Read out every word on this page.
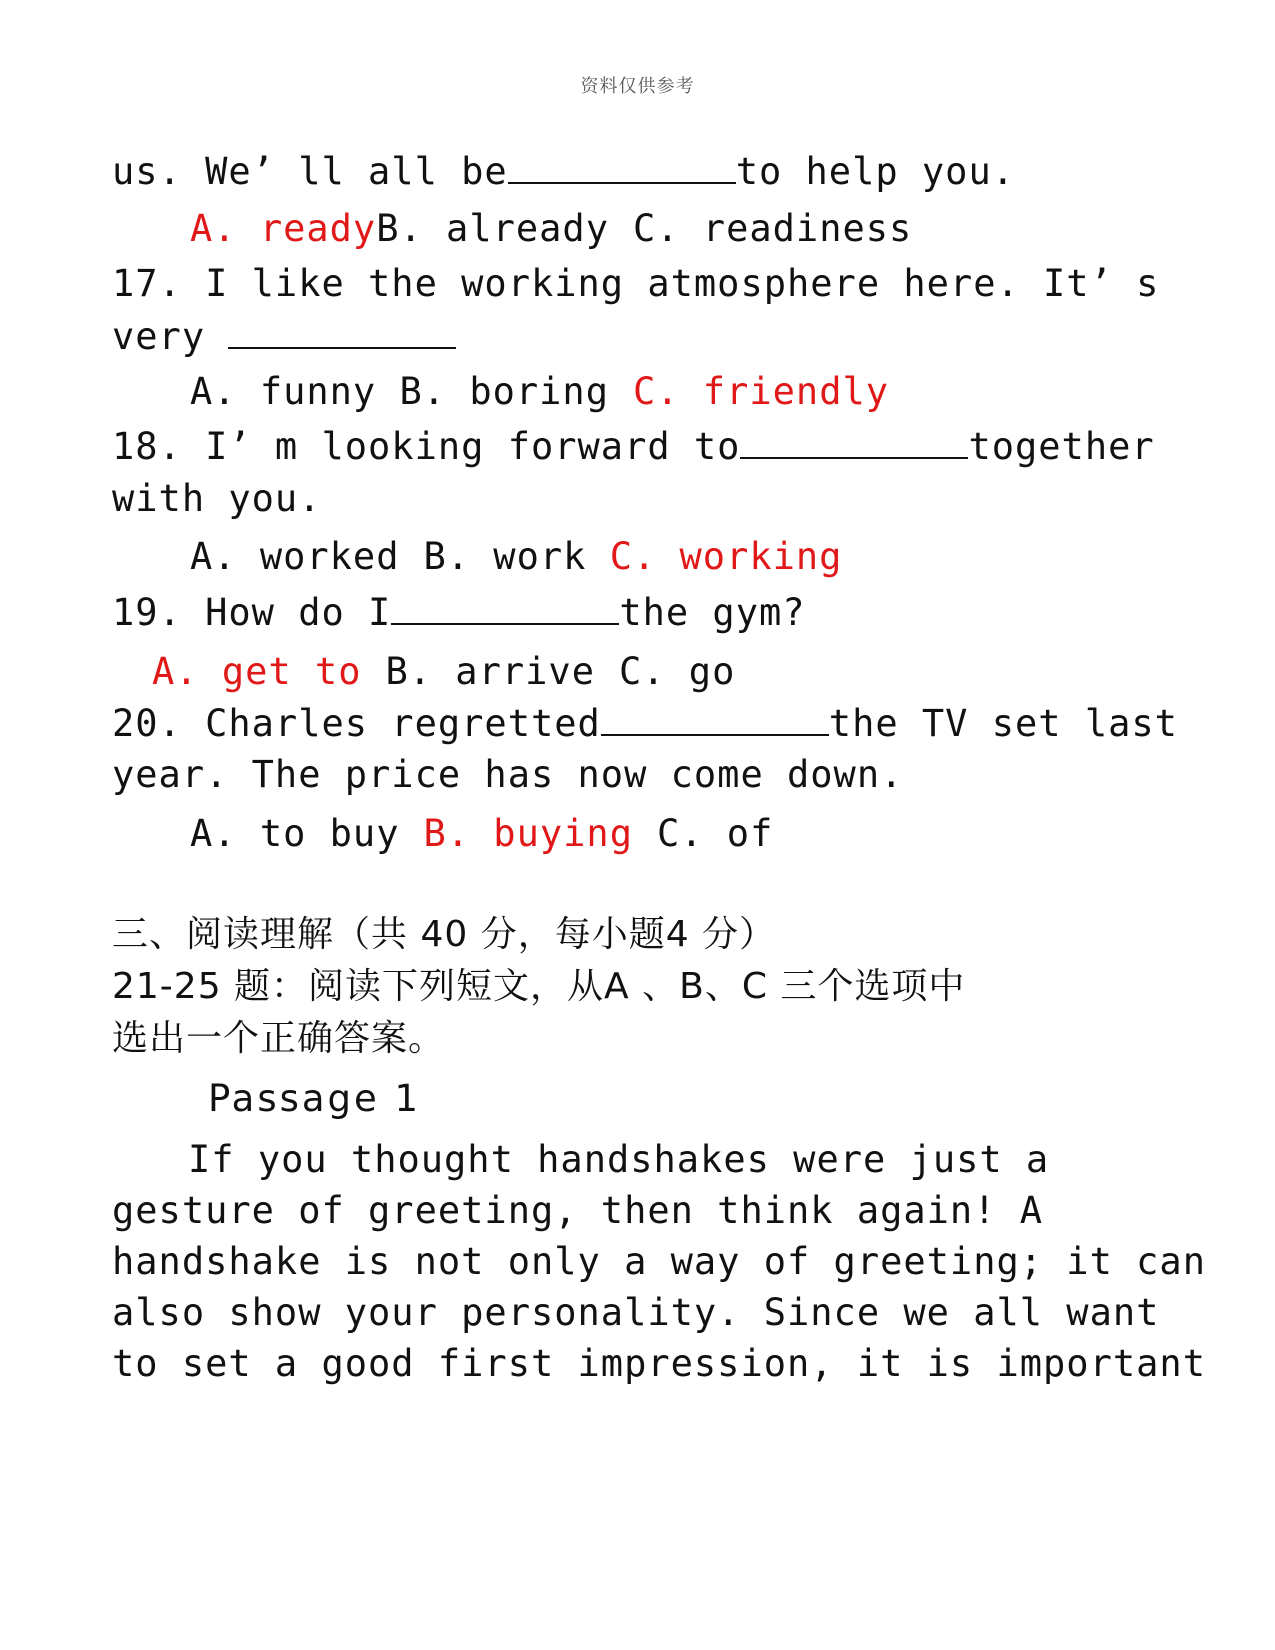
资料仅供参考
us. We’ ll all be	to help you.
A. readyB. already C. readiness
17. I like the working atmosphere here. It’ s
very
A. funny B. boring C. friendly
18. I’ m looking forward to	together
with you.
A. worked B. work C. working
19. How do I	the gym?
A. get to B. arrive C. go
20. Charles regretted	the TV set last
year. The price has now come down.
A. to buy B. buying C. of
三、阅读理解（共 40 分，每小题4 分）
21-25 题：阅读下列短文，从A 、B、C 三个选项中
选出一个正确答案。
Passage 1
If you thought handshakes were just a
gesture of greeting, then think again! A
handshake is not only a way of greeting; it can
also show your personality. Since we all want
to set a good first impression, it is important
